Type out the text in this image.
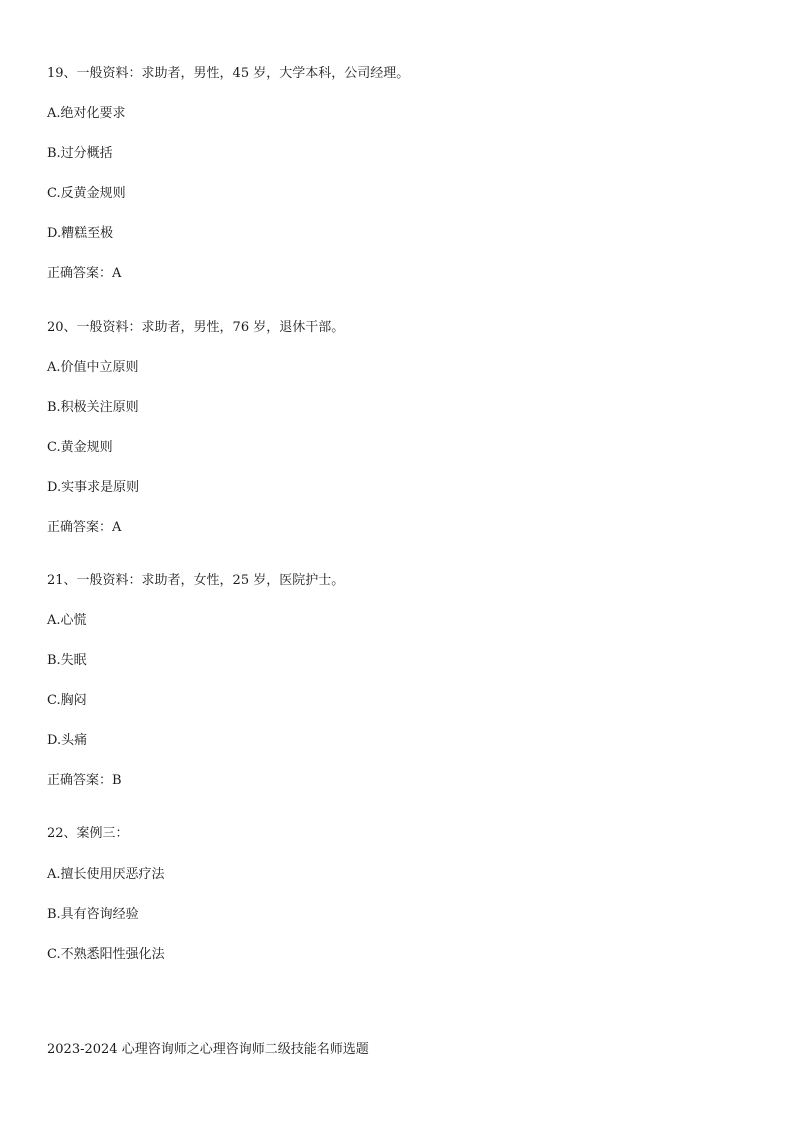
19、一般资料：求助者，男性，45 岁，大学本科，公司经理。
A.绝对化要求
B.过分概括
C.反黄金规则
D.糟糕至极
正确答案：A
20、一般资料：求助者，男性，76 岁，退休干部。
A.价值中立原则
B.积极关注原则
C.黄金规则
D.实事求是原则
正确答案：A
21、一般资料：求助者，女性，25 岁，医院护士。
A.心慌
B.失眠
C.胸闷
D.头痛
正确答案：B
22、案例三：
A.擅长使用厌恶疗法
B.具有咨询经验
C.不熟悉阳性强化法
2023-2024 心理咨询师之心理咨询师二级技能名师选题
